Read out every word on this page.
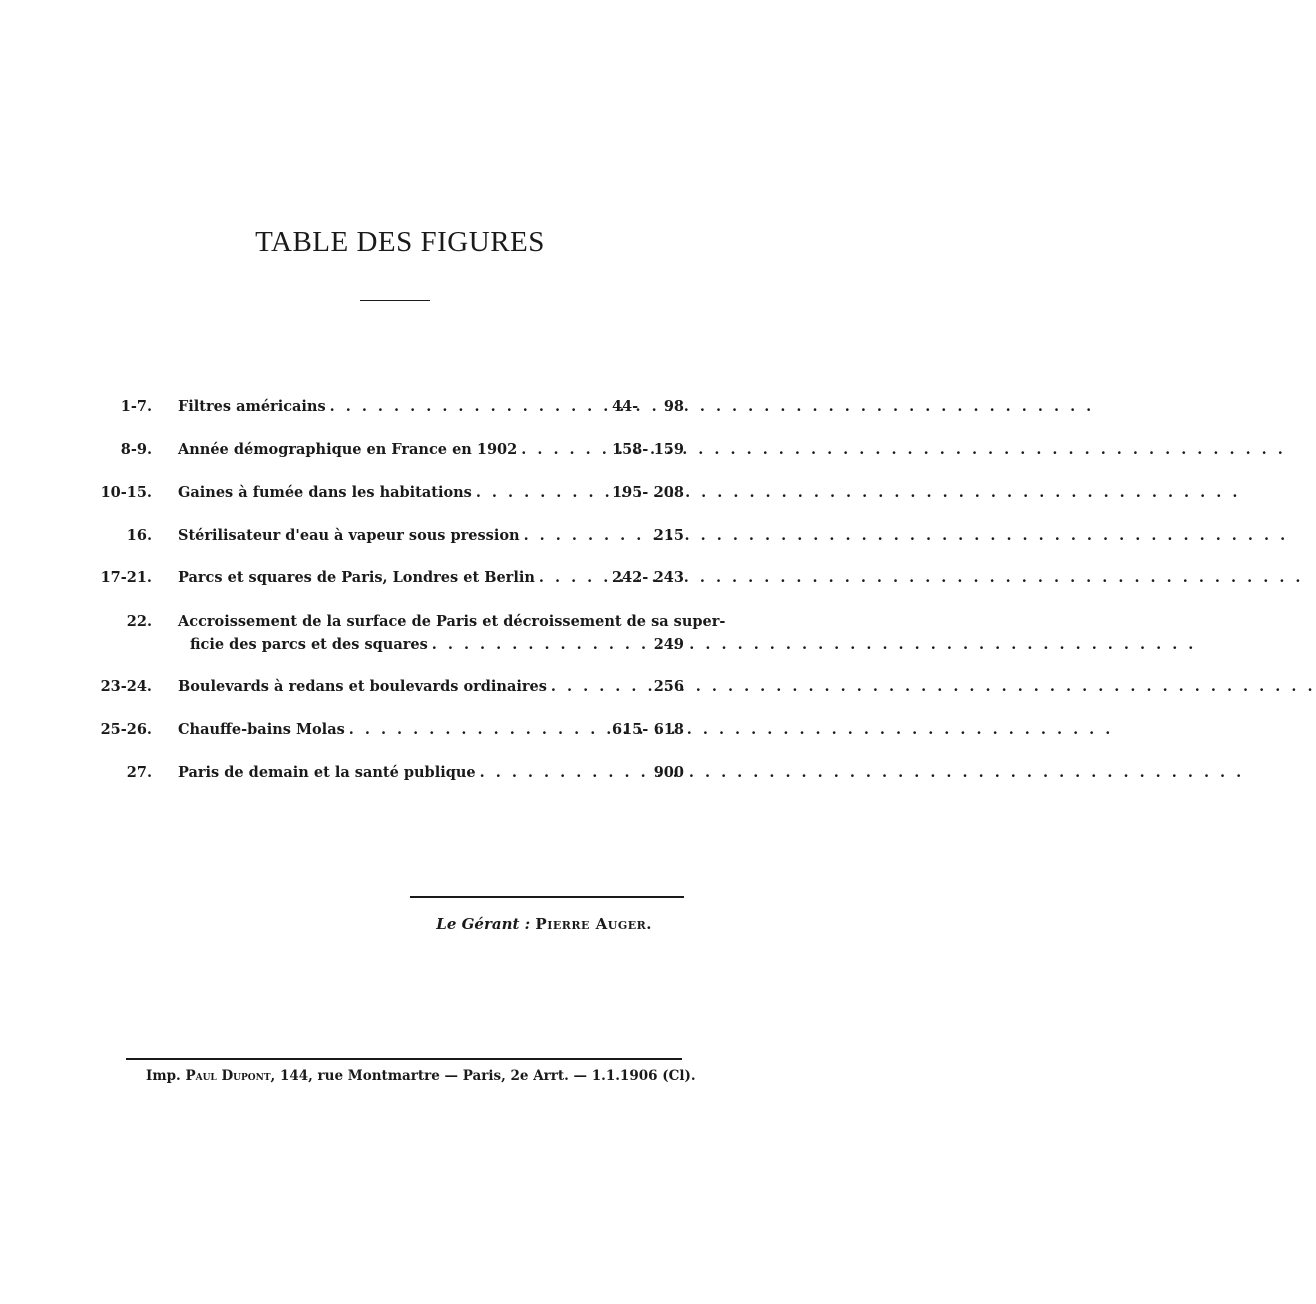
TABLE DES FIGURES
1-7. Filtres américains . . .	44-	98
8-9. Année démographique en France en 1902 . . .	158- 159
10-15. Gaines à fumée dans les habitations . . .	195- 208
16. Stérilisateur d'eau à vapeur sous pression . . .	215
17-21. Parcs et squares de Paris, Londres et Berlin . . .	242- 243
22. Accroissement de la surface de Paris et décroissement de sa super-
ficie des parcs et des squares . . .	249
23-24. Boulevards à redans et boulevards ordinaires . . .	256
25-26. Chauffe-bains Molas . . .	615- 618
27. Paris de demain et la santé publique . . .	900
Le Gérant : Pierre Auger.
Imp. Paul Dupont, 144, rue Montmartre — Paris, 2e Arrt. — 1.1.1906 (Cl).
